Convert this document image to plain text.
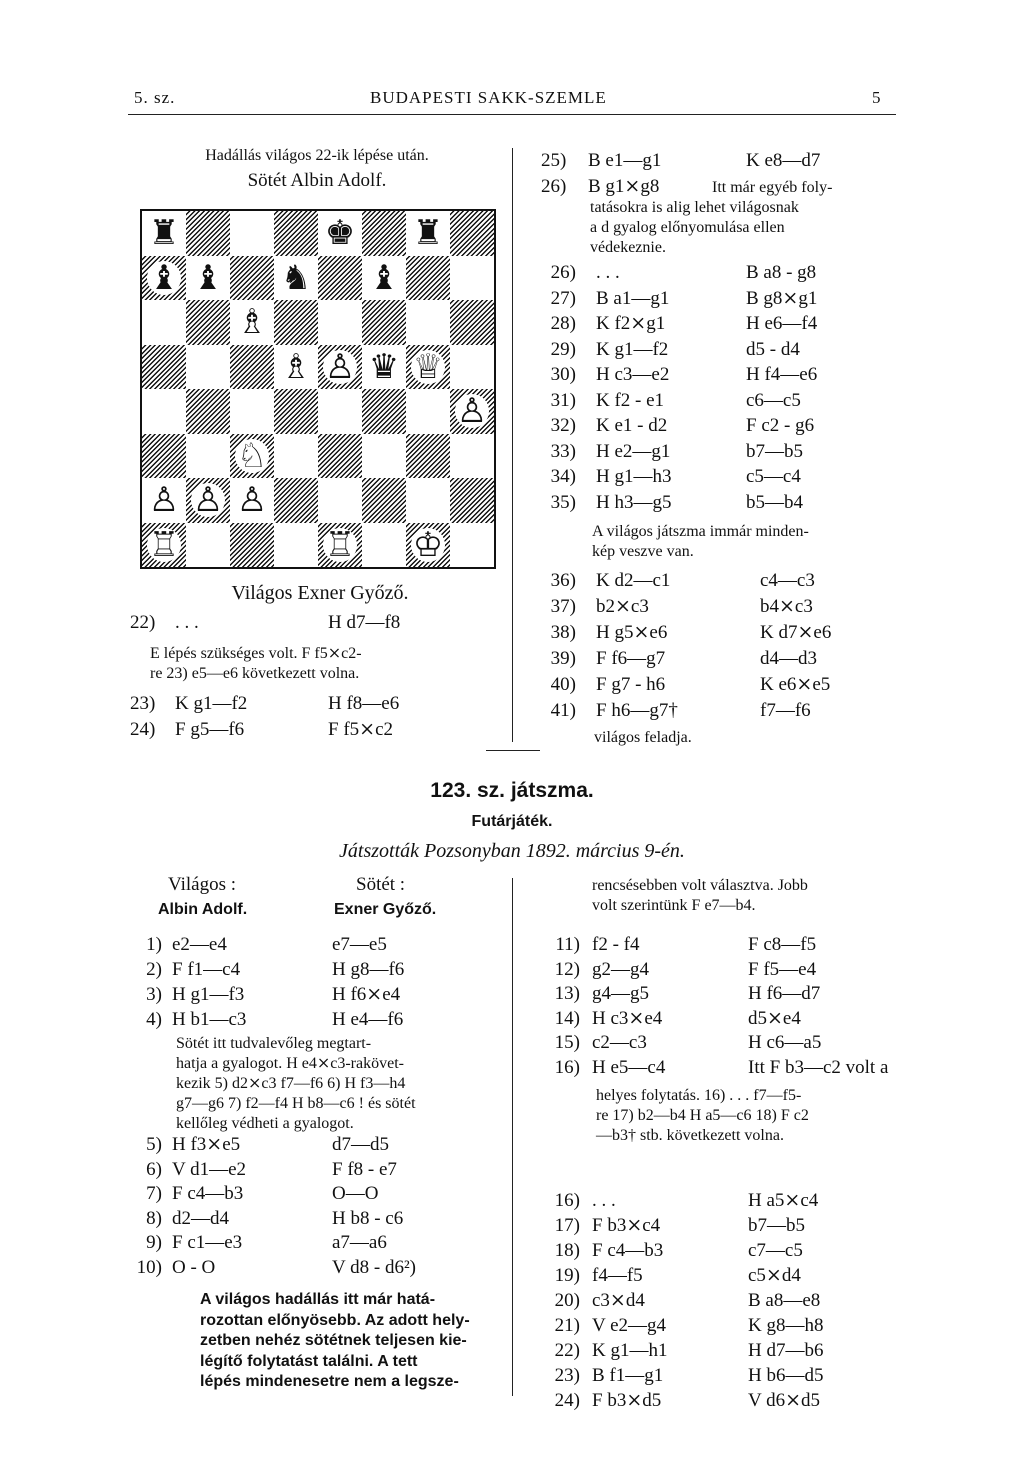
5. sz.	BUDAPESTI SAKK-SZEMLE	5
Hadállás világos 22-ik lépése után.
Sötét Albin Adolf.
♜	♚ ♜
♝ ♝ ♞ ♝
♗
♗ ♙ ♛ ♕
♙
♘
♙ ♙ ♙
♖	♖ ♔
Világos Exner Győző.
22) . . .	H d7—f8
E lépés szükséges volt. F f5⨯c2-
re 23) e5—e6 következett volna.
23) K g1—f2	H f8—e6
24) F g5—f6	F f5⨯c2
25) B e1—g1	K e8—d7
26) B g1⨯g8	Itt már egyéb foly-
tatásokra is alig lehet világosnak
a d gyalog előnyomulása ellen
védekeznie.
26) . . .	B a8 - g8
27) B a1—g1	B g8⨯g1
28) K f2⨯g1	H e6—f4
29) K g1—f2	d5 - d4
30) H c3—e2	H f4—e6
31) K f2 - e1	c6—c5
32) K e1 - d2	F c2 - g6
33) H e2—g1	b7—b5
34) H g1—h3	c5—c4
35) H h3—g5	b5—b4
A világos játszma immár minden-
kép veszve van.
36) K d2—c1	c4—c3
37) b2⨯c3	b4⨯c3
38) H g5⨯e6	K d7⨯e6
39) F f6—g7	d4—d3
40) F g7 - h6	K e6⨯e5
41) F h6—g7†	f7—f6
világos feladja.
123. sz. játszma.
Futárjáték.
Játszották Pozsonyban 1892. március 9-én.
Világos :	Sötét :
Albin Adolf.	Exner Győző.
1) e2—e4	e7—e5
2) F f1—c4	H g8—f6
3) H g1—f3	H f6⨯e4
4) H b1—c3	H e4—f6
Sötét itt tudvalevőleg megtart-
hatja a gyalogot. H e4⨯c3-rakövet-
kezik 5) d2⨯c3 f7—f6 6) H f3—h4
g7—g6 7) f2—f4 H b8—c6 ! és sötét
kellőleg védheti a gyalogot.
5) H f3⨯e5	d7—d5
6) V d1—e2	F f8 - e7
7) F c4—b3	O—O
8) d2—d4	H b8 - c6
9) F c1—e3	a7—a6
10) O - O	V d8 - d6²)
A világos hadállás itt már hatá-
rozottan előnyösebb. Az adott hely-
zetben nehéz sötétnek teljesen kie-
légítő folytatást találni. A tett
lépés mindenesetre nem a legsze-
rencsésebben volt választva. Jobb
volt szerintünk F e7—b4.
11) f2 - f4	F c8—f5
12) g2—g4	F f5—e4
13) g4—g5	H f6—d7
14) H c3⨯e4	d5⨯e4
15) c2—c3	H c6—a5
16) H e5—c4	Itt F b3—c2 volt a
helyes folytatás. 16) . . . f7—f5-
re 17) b2—b4 H a5—c6 18) F c2
—b3† stb. következett volna.
16) . . .	H a5⨯c4
17) F b3⨯c4	b7—b5
18) F c4—b3	c7—c5
19) f4—f5	c5⨯d4
20) c3⨯d4	B a8—e8
21) V e2—g4	K g8—h8
22) K g1—h1	H d7—b6
23) B f1—g1	H b6—d5
24) F b3⨯d5	V d6⨯d5
